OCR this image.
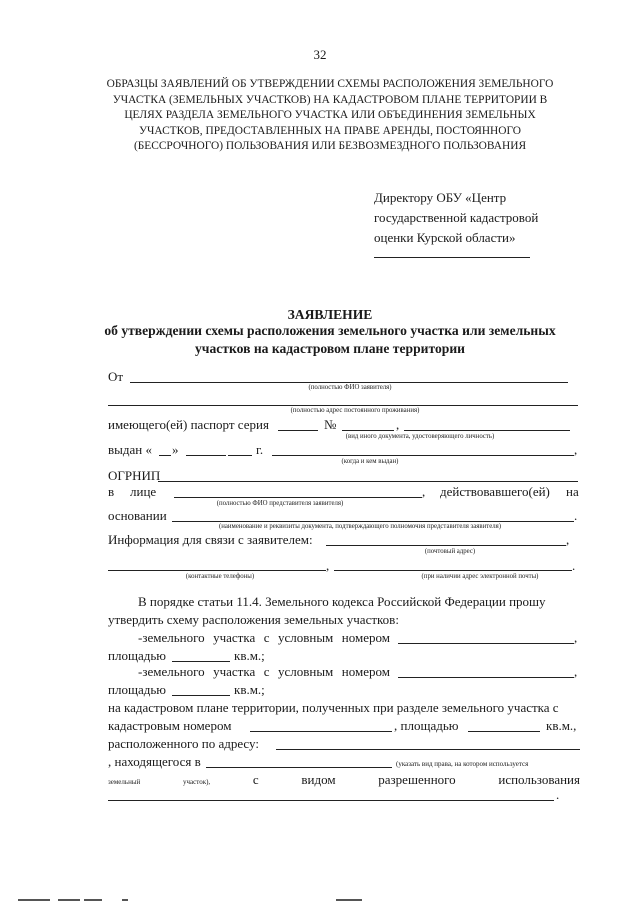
32
ОБРАЗЦЫ ЗАЯВЛЕНИЙ ОБ УТВЕРЖДЕНИИ СХЕМЫ РАСПОЛОЖЕНИЯ ЗЕМЕЛЬНОГО УЧАСТКА (ЗЕМЕЛЬНЫХ УЧАСТКОВ) НА КАДАСТРОВОМ ПЛАНЕ ТЕРРИТОРИИ В ЦЕЛЯХ РАЗДЕЛА ЗЕМЕЛЬНОГО УЧАСТКА ИЛИ ОБЪЕДИНЕНИЯ ЗЕМЕЛЬНЫХ УЧАСТКОВ, ПРЕДОСТАВЛЕННЫХ НА ПРАВЕ АРЕНДЫ, ПОСТОЯННОГО (БЕССРОЧНОГО) ПОЛЬЗОВАНИЯ ИЛИ БЕЗВОЗМЕЗДНОГО ПОЛЬЗОВАНИЯ
Директору ОБУ «Центр
государственной кадастровой
оценки Курской области»
ЗАЯВЛЕНИЕ
об утверждении схемы расположения земельного участка или земельных
участков на кадастровом плане территории
От
(полностью ФИО заявителя)
(полностью адрес постоянного проживания)
имеющего(ей) паспорт серия	№	,
(вид иного документа, удостоверяющего личность)
выдан «	»	г.	,
(когда и кем выдан)
ОГРНИП
в	лице	,	действовавшего(ей)	на
(полностью ФИО представителя заявителя)
основании	.
(наименование и реквизиты документа, подтверждающего полномочия представителя заявителя)
Информация для связи с заявителем:	,
(почтовый адрес)
,	.
(контактные телефоны)	(при наличии адрес электронной почты)
В порядке статьи 11.4. Земельного кодекса Российской Федерации прошу
утвердить схему расположения земельных участков:
-земельного участка с условным номером	,
площадью	кв.м.;
-земельного участка с условным номером	,
площадью	кв.м.;
на кадастровом плане территории, полученных при разделе земельного участка с
кадастровым номером	, площадью	кв.м.,
расположенного по адресу:
, находящегося в	(указать вид права, на котором используется
земельный	участок),	с	видом	разрешенного	использования
.
